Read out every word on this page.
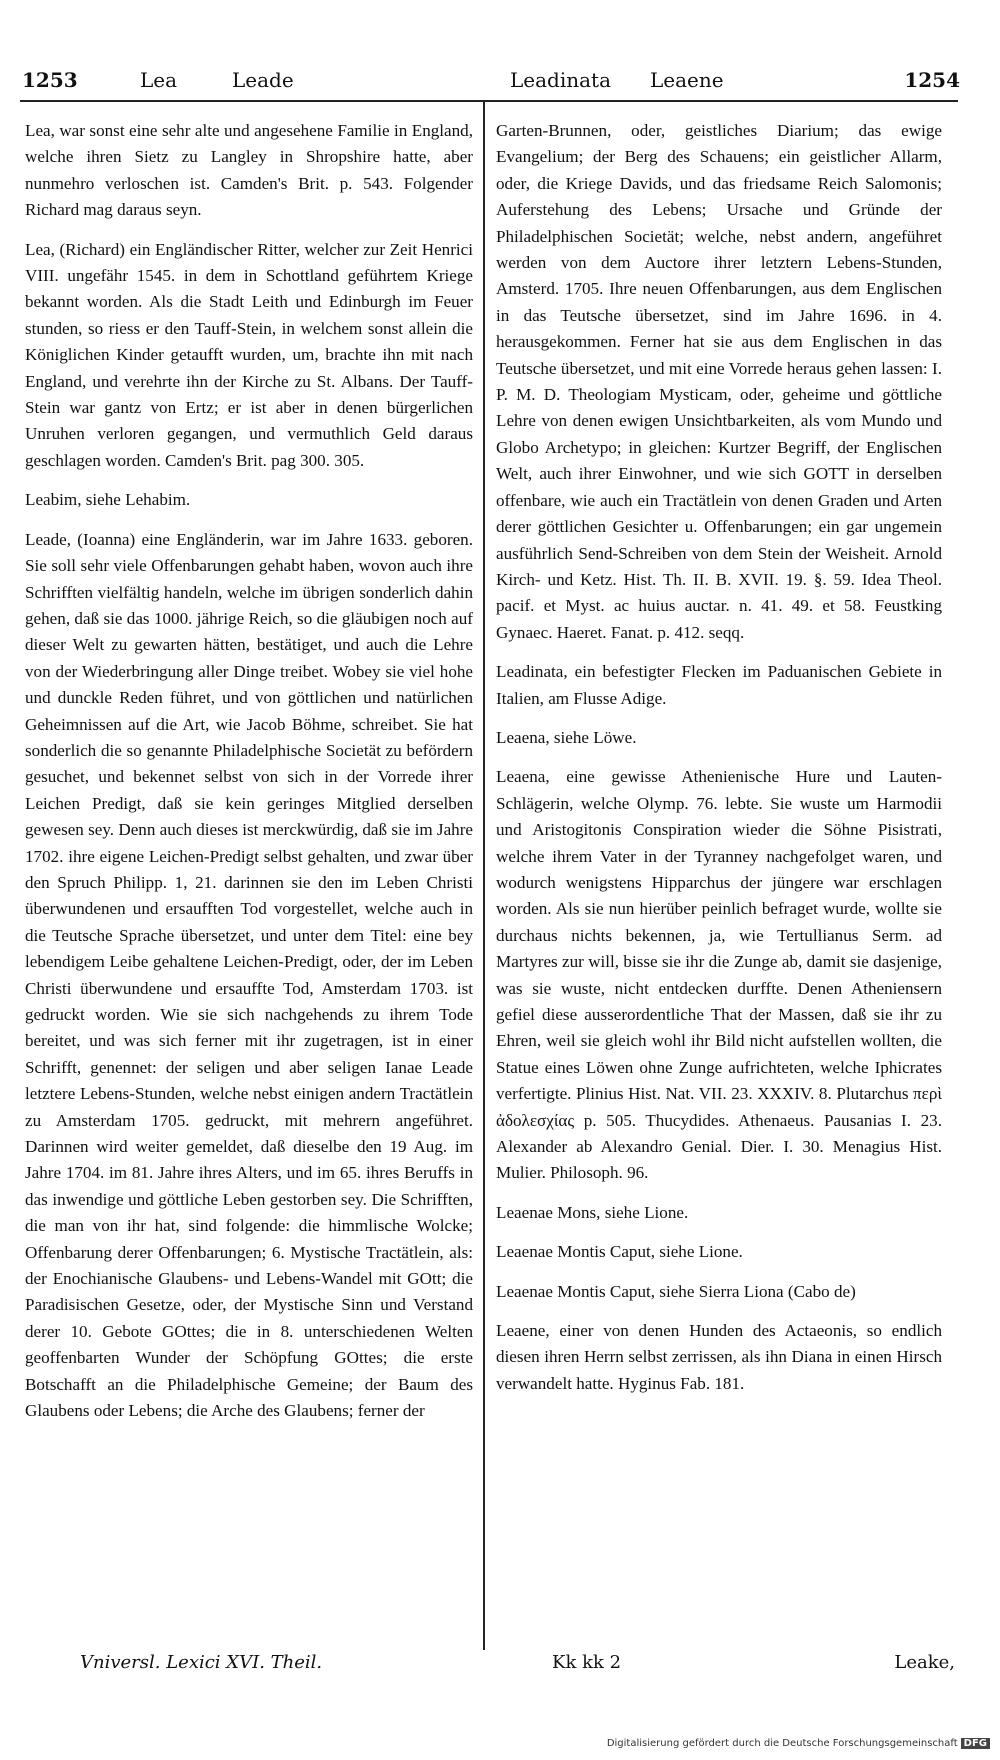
1253	Lea	Leade	Leadinata Leaene	1254

Lea, war sonst eine sehr alte und angesehene Familie in England, welche ihren Sietz zu Langley in Shropshire hatte, aber nunmehro verloschen ist. Camden's Brit. p. 543. Folgender Richard mag daraus seyn.

Lea, (Richard) ein Engländischer Ritter, welcher zur Zeit Henrici VIII. ungefähr 1545. in dem in Schottland geführtem Kriege bekannt worden. Als die Stadt Leith und Edinburgh im Feuer stunden, so riess er den Tauff-Stein, in welchem sonst allein die Königlichen Kinder getaufft wurden, um, brachte ihn mit nach England, und verehrte ihn der Kirche zu St. Albans. Der Tauff-Stein war gantz von Ertz; er ist aber in denen bürgerlichen Unruhen verloren gegangen, und vermuthlich Geld daraus geschlagen worden. Camden's Brit. pag 300. 305.

Leabim, siehe Lehabim.

Leade, (Ioanna) eine Engländerin, war im Jahre 1633. geboren. Sie soll sehr viele Offenbarungen gehabt haben, wovon auch ihre Schrifften vielfältig handeln, welche im übrigen sonderlich dahin gehen, daß sie das 1000. jährige Reich, so die gläubigen noch auf dieser Welt zu gewarten hätten, bestätiget, und auch die Lehre von der Wiederbringung aller Dinge treibet. Wobey sie viel hohe und dunckle Reden führet, und von göttlichen und natürlichen Geheimnissen auf die Art, wie Jacob Böhme, schreibet. Sie hat sonderlich die so genannte Philadelphische Societät zu befördern gesuchet, und bekennet selbst von sich in der Vorrede ihrer Leichen Predigt, daß sie kein geringes Mitglied derselben gewesen sey. Denn auch dieses ist merckwürdig, daß sie im Jahre 1702. ihre eigene Leichen-Predigt selbst gehalten, und zwar über den Spruch Philipp. 1, 21. darinnen sie den im Leben Christi überwundenen und ersaufften Tod vorgestellet, welche auch in die Teutsche Sprache übersetzet, und unter dem Titel: eine bey lebendigem Leibe gehaltene Leichen-Predigt, oder, der im Leben Christi überwundene und ersauffte Tod, Amsterdam 1703. ist gedruckt worden. Wie sie sich nachgehends zu ihrem Tode bereitet, und was sich ferner mit ihr zugetragen, ist in einer Schrifft, genennet: der seligen und aber seligen Ianae Leade letztere Lebens-Stunden, welche nebst einigen andern Tractätlein zu Amsterdam 1705. gedruckt, mit mehrern angeführet. Darinnen wird weiter gemeldet, daß dieselbe den 19 Aug. im Jahre 1704. im 81. Jahre ihres Alters, und im 65. ihres Beruffs in das inwendige und göttliche Leben gestorben sey. Die Schrifften, die man von ihr hat, sind folgende: die himmlische Wolcke; Offenbarung derer Offenbarungen; 6. Mystische Tractätlein, als: der Enochianische Glaubens- und Lebens-Wandel mit GOtt; die Paradisischen Gesetze, oder, der Mystische Sinn und Verstand derer 10. Gebote GOttes; die in 8. unterschiedenen Welten geoffenbarten Wunder der Schöpfung GOttes; die erste Botschafft an die Philadelphische Gemeine; der Baum des Glaubens oder Lebens; die Arche des Glaubens; ferner der

Garten-Brunnen, oder, geistliches Diarium; das ewige Evangelium; der Berg des Schauens; ein geistlicher Allarm, oder, die Kriege Davids, und das friedsame Reich Salomonis; Auferstehung des Lebens; Ursache und Gründe der Philadelphischen Societät; welche, nebst andern, angeführet werden von dem Auctore ihrer letztern Lebens-Stunden, Amsterd. 1705. Ihre neuen Offenbarungen, aus dem Englischen in das Teutsche übersetzet, sind im Jahre 1696. in 4. herausgekommen. Ferner hat sie aus dem Englischen in das Teutsche übersetzet, und mit eine Vorrede heraus gehen lassen: I. P. M. D. Theologiam Mysticam, oder, geheime und göttliche Lehre von denen ewigen Unsichtbarkeiten, als vom Mundo und Globo Archetypo; in gleichen: Kurtzer Begriff, der Englischen Welt, auch ihrer Einwohner, und wie sich GOTT in derselben offenbare, wie auch ein Tractätlein von denen Graden und Arten derer göttlichen Gesichter u. Offenbarungen; ein gar ungemein ausführlich Send-Schreiben von dem Stein der Weisheit. Arnold Kirch- und Ketz. Hist. Th. II. B. XVII. 19. §. 59. Idea Theol. pacif. et Myst. ac huius auctar. n. 41. 49. et 58. Feustking Gynaec. Haeret. Fanat. p. 412. seqq.

Leadinata, ein befestigter Flecken im Paduanischen Gebiete in Italien, am Flusse Adige.

Leaena, siehe Löwe.

Leaena, eine gewisse Athenienische Hure und Lauten-Schlägerin, welche Olymp. 76. lebte. Sie wuste um Harmodii und Aristogitonis Conspiration wieder die Söhne Pisistrati, welche ihrem Vater in der Tyranney nachgefolget waren, und wodurch wenigstens Hipparchus der jüngere war erschlagen worden. Als sie nun hierüber peinlich befraget wurde, wollte sie durchaus nichts bekennen, ja, wie Tertullianus Serm. ad Martyres zur will, bisse sie ihr die Zunge ab, damit sie dasjenige, was sie wuste, nicht entdecken durffte. Denen Atheniensern gefiel diese ausserordentliche That der Massen, daß sie ihr zu Ehren, weil sie gleich wohl ihr Bild nicht aufstellen wollten, die Statue eines Löwen ohne Zunge aufrichteten, welche Iphicrates verfertigte. Plinius Hist. Nat. VII. 23. XXXIV. 8. Plutarchus περὶ ἀδολεσχίας p. 505. Thucydides. Athenaeus. Pausanias I. 23. Alexander ab Alexandro Genial. Dier. I. 30. Menagius Hist. Mulier. Philosoph. 96.

Leaenae Mons, siehe Lione.

Leaenae Montis Caput, siehe Lione.

Leaenae Montis Caput, siehe Sierra Liona (Cabo de)

Leaene, einer von denen Hunden des Actaeonis, so endlich diesen ihren Herrn selbst zerrissen, als ihn Diana in einen Hirsch verwandelt hatte. Hyginus Fab. 181.

Vniversl. Lexici XVI. Theil.	Kk kk 2	Leake,
Digitalisierung gefördert durch die Deutsche Forschungsgemeinschaft DFG
